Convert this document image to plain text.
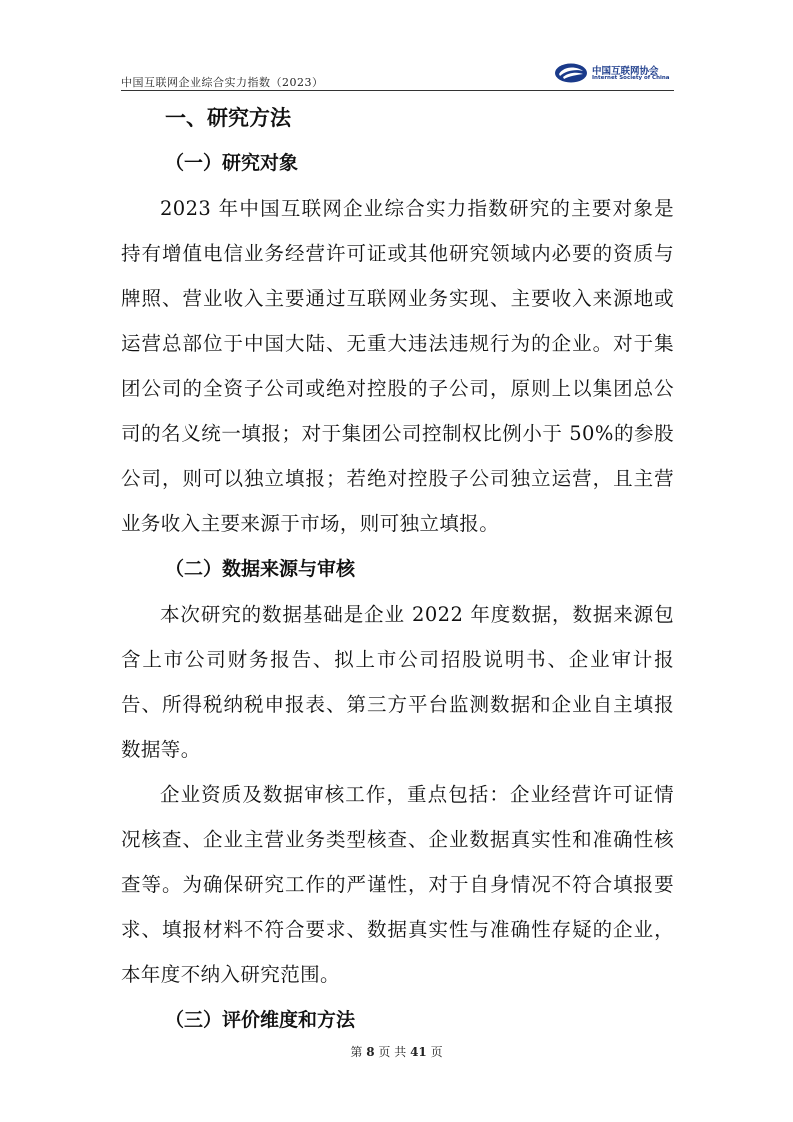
中国互联网企业综合实力指数（2023）
中国互联网协会
Internet Society of China
一、研究方法
（一）研究对象

2023 年中国互联网企业综合实力指数研究的主要对象是持有增值电信业务经营许可证或其他研究领域内必要的资质与牌照、营业收入主要通过互联网业务实现、主要收入来源地或运营总部位于中国大陆、无重大违法违规行为的企业。对于集团公司的全资子公司或绝对控股的子公司，原则上以集团总公司的名义统一填报；对于集团公司控制权比例小于 50%的参股公司，则可以独立填报；若绝对控股子公司独立运营，且主营业务收入主要来源于市场，则可独立填报。

（二）数据来源与审核

本次研究的数据基础是企业 2022 年度数据，数据来源包含上市公司财务报告、拟上市公司招股说明书、企业审计报告、所得税纳税申报表、第三方平台监测数据和企业自主填报数据等。

企业资质及数据审核工作，重点包括：企业经营许可证情况核查、企业主营业务类型核查、企业数据真实性和准确性核查等。为确保研究工作的严谨性，对于自身情况不符合填报要求、填报材料不符合要求、数据真实性与准确性存疑的企业，本年度不纳入研究范围。

（三）评价维度和方法
第 8 页 共 41 页
